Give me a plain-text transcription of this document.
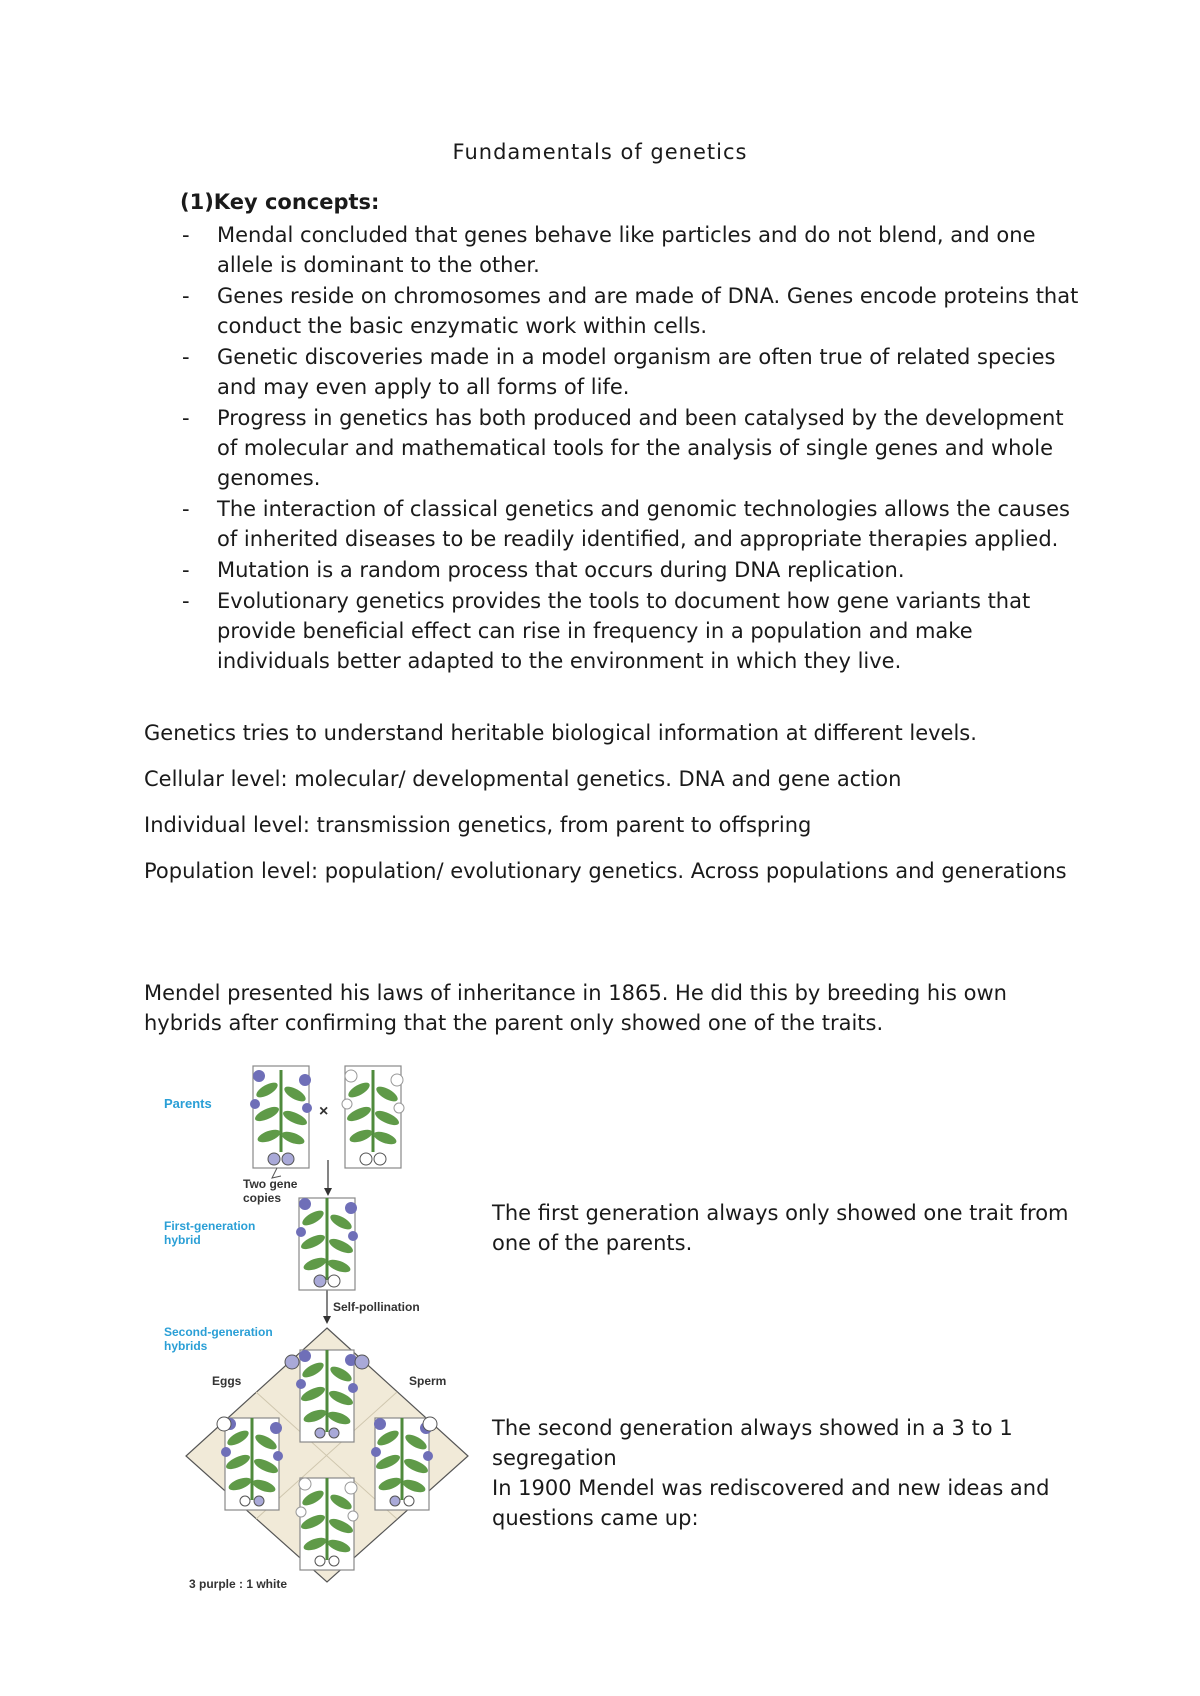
Fundamentals of genetics

(1)Key concepts:

- Mendal concluded that genes behave like particles and do not blend, and one allele is dominant to the other.
- Genes reside on chromosomes and are made of DNA. Genes encode proteins that conduct the basic enzymatic work within cells.
- Genetic discoveries made in a model organism are often true of related species and may even apply to all forms of life.
- Progress in genetics has both produced and been catalysed by the development of molecular and mathematical tools for the analysis of single genes and whole genomes.
- The interaction of classical genetics and genomic technologies allows the causes of inherited diseases to be readily identified, and appropriate therapies applied.
- Mutation is a random process that occurs during DNA replication.
- Evolutionary genetics provides the tools to document how gene variants that provide beneficial effect can rise in frequency in a population and make individuals better adapted to the environment in which they live.

Genetics tries to understand heritable biological information at different levels.

Cellular level: molecular/ developmental genetics. DNA and gene action

Individual level: transmission genetics, from parent to offspring

Population level: population/ evolutionary genetics. Across populations and generations

Mendel presented his laws of inheritance in 1865. He did this by breeding his own hybrids after confirming that the parent only showed one of the traits.

Parents	×
Two gene
copies
First-generation
hybrid
Self-pollination
Second-generation
hybrids
Eggs	Sperm
3 purple : 1 white

The first generation always only showed one trait from one of the parents.

The second generation always showed in a 3 to 1 segregation

In 1900 Mendel was rediscovered and new ideas and questions came up:
